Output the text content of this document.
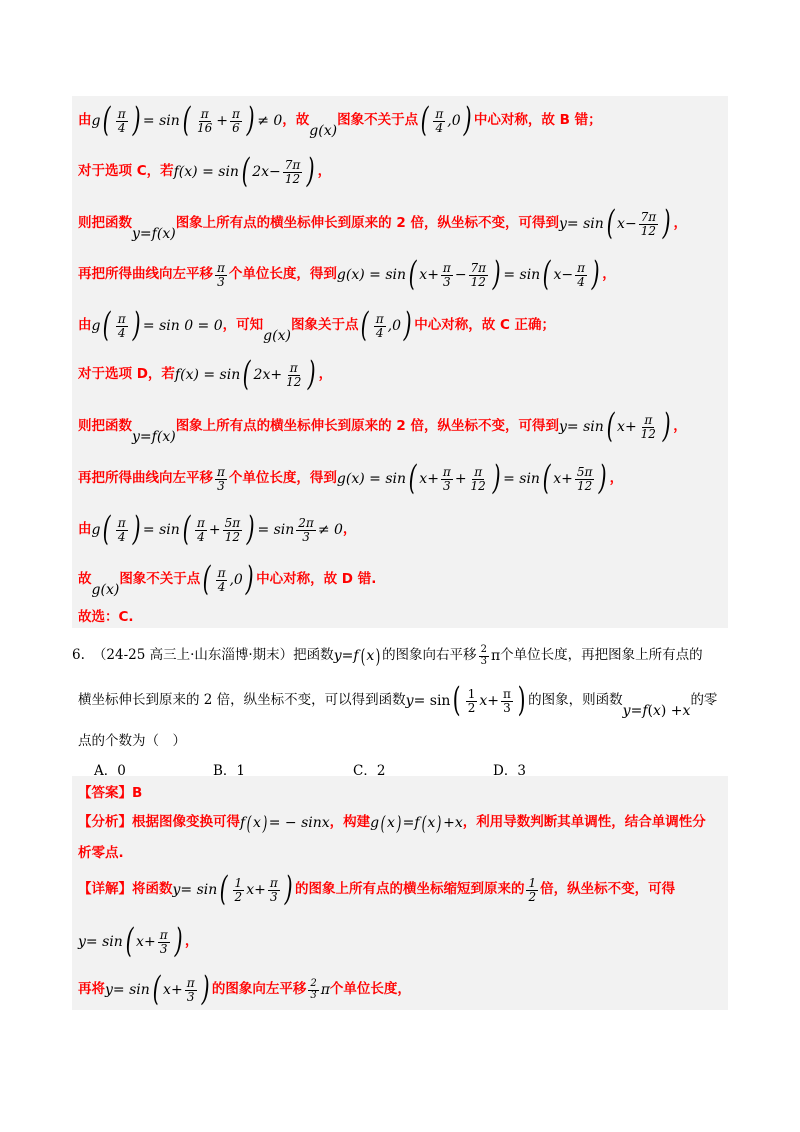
由 g ( $\frac{\pi}{4}$ ) = sin ( $\frac{\pi}{16} + \frac{\pi}{6}$ ) ≠ 0 ，故
g ( x )
图象不关于点 ( $\frac{\pi}{4} ,0$ ) 中心对称，故 B 错；
对于选项 C，若 f ( x ) = sin ( 2 $x - \frac{7\pi}{12}$ ) ，
则把函数
y = f ( x )
图象上所有点的横坐标伸长到原来的 2 倍，纵坐标不变，可得到 y = sin ( $x - \frac{7\pi}{12}$ ) ，
再把所得曲线向左平移 $\frac{\pi}{3}$ 个单位长度，得到 g ( x ) = sin ( $x + \frac{\pi}{3} - \frac{7\pi}{12}$ ) = sin ( $x - \frac{\pi}{4}$ ) ，
由 g ( $\frac{\pi}{4}$ ) = sin 0 = 0 ，可知
g ( x )
图象关于点 ( $\frac{\pi}{4} ,0$ ) 中心对称，故 C 正确；
对于选项 D，若 f ( x ) = sin ( 2 $x + \frac{\pi}{12}$ ) ，
则把函数
y = f ( x )
图象上所有点的横坐标伸长到原来的 2 倍，纵坐标不变，可得到 y = sin ( $x + \frac{\pi}{12}$ ) ，
再把所得曲线向左平移 $\frac{\pi}{3}$ 个单位长度，得到 g ( x ) = sin ( $x + \frac{\pi}{3} + \frac{\pi}{12}$ ) = sin ( $x + \frac{5\pi}{12}$ ) ，
由 g ( $\frac{\pi}{4}$ ) = sin ( $\frac{\pi}{4} + \frac{5\pi}{12}$ ) = $\sin \frac{2\pi}{3} \ne 0$ ，
故
g ( x )
图象不关于点 ( $\frac{\pi}{4} ,0$ ) 中心对称，故 D 错.
故选：C.
6. （24-25 高三上·山东淄博·期末）把函数 y = f ( x ) 的图象向右平移 $\frac{2}{3}$ π 个单位长度，再把图象上所有点的
横坐标伸长到原来的 2 倍，纵坐标不变，可以得到函数 y = sin ( $\frac{1}{2}$ $x + \frac{\pi}{3}$ ) 的图象，则函数
y = f ( x ) + x
的零
点的个数为（　）
A．0	B．1	C．2	D．3
【答案】B
【分析】根据图像变换可得 f ( x ) = − sin x ，构建 g ( x ) = f ( x ) + x ，利用导数判断其单调性，结合单调性分
析零点.
【详解】将函数 y = sin ( $\frac{1}{2}$ $x + \frac{\pi}{3}$ ) 的图象上所有点的横坐标缩短到原来的 $\frac{1}{2}$ 倍，纵坐标不变，可得
y = sin ( $x + \frac{\pi}{3}$ ) ，
再将 y = sin ( $x + \frac{\pi}{3}$ ) 的图象向左平移 $\frac{2}{3}$ π 个单位长度，
